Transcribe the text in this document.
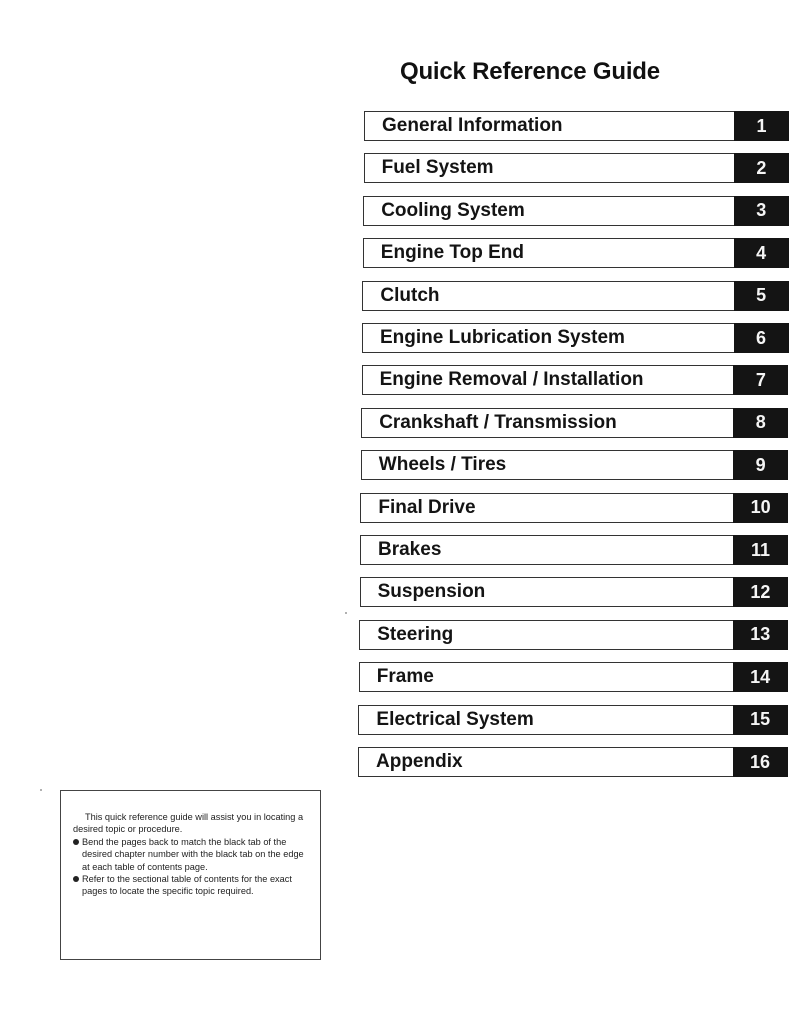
Quick Reference Guide
General Information	1
Fuel System	2
Cooling System	3
Engine Top End	4
Clutch	5
Engine Lubrication System	6
Engine Removal / Installation	7
Crankshaft / Transmission	8
Wheels / Tires	9
Final Drive	10
Brakes	11
Suspension	12
Steering	13
Frame	14
Electrical System	15
Appendix	16

This quick reference guide will assist you in locating a desired topic or procedure.

Bend the pages back to match the black tab of the desired chapter number with the black tab on the edge at each table of contents page.
Refer to the sectional table of contents for the exact pages to locate the specific topic required.
